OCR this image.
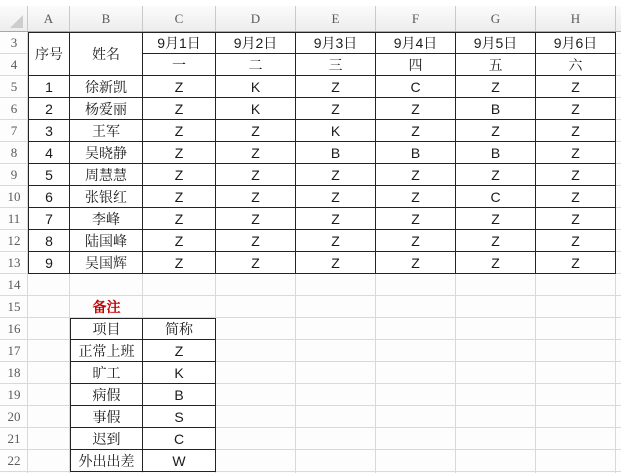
A	B	C	D	E	F	G	H
3
4
5
6
7
8
9
10
11
12
13
14
15
16
17
18
19
20
21
22
序号	姓名
9月1日	9月2日	9月3日	9月4日	9月5日	9月6日
一	二	三	四	五	六
1	徐新凯	Z	K	Z	C	Z	Z
2	杨爱丽	Z	K	Z	Z	B	Z
3	王军	Z	Z	K	Z	Z	Z
4	吴晓静	Z	Z	B	B	B	Z
5	周慧慧	Z	Z	Z	Z	Z	Z
6	张银红	Z	Z	Z	Z	C	Z
7	李峰	Z	Z	Z	Z	Z	Z
8	陆国峰	Z	Z	Z	Z	Z	Z
9	吴国辉	Z	Z	Z	Z	Z	Z
备注
项目	简称
正常上班	Z
旷工	K
病假	B
事假	S
迟到	C
外出出差	W
